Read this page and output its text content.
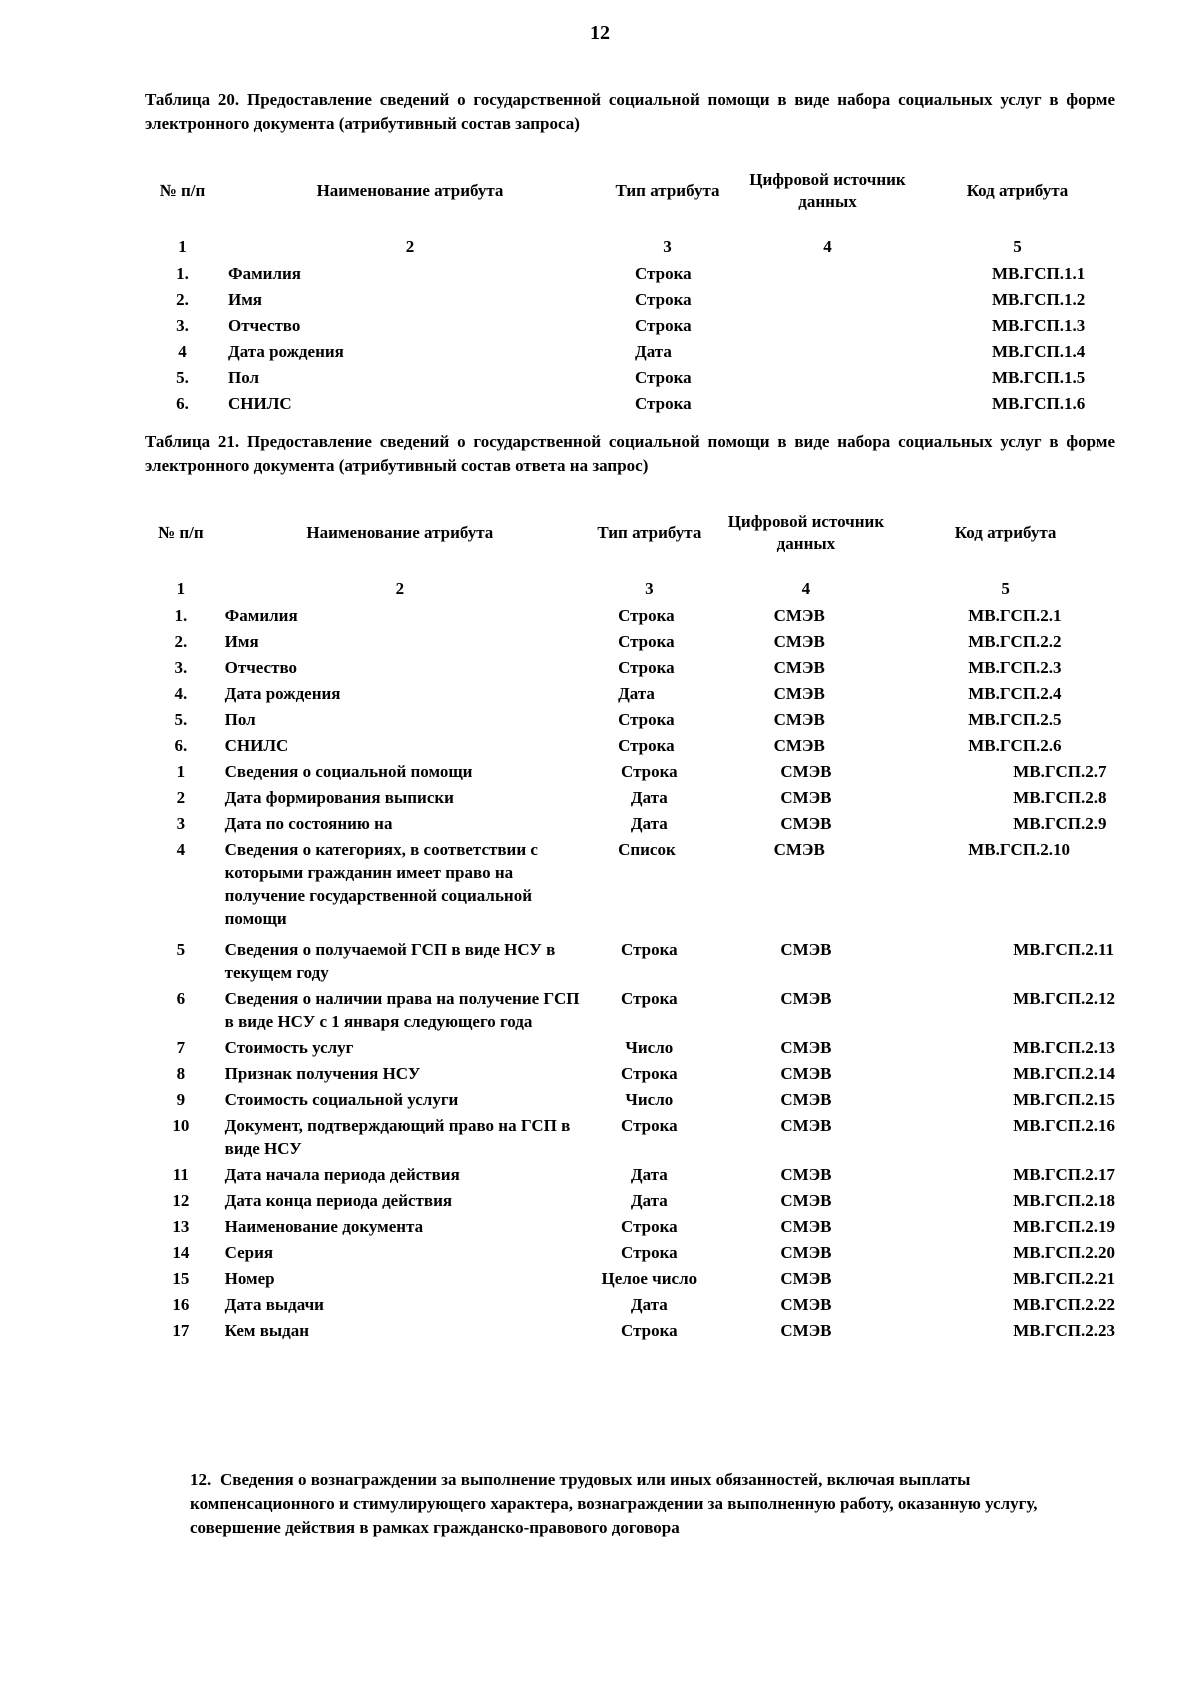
12
Таблица 20. Предоставление сведений о государственной социальной помощи в виде набора социальных услуг в форме электронного документа (атрибутивный состав запроса)
№ п/п	Наименование атрибута	Тип атрибута	Цифровой источник данных	Код атрибута
1	2	3	4	5
1.	Фамилия	Строка		МВ.ГСП.1.1
2.	Имя	Строка		МВ.ГСП.1.2
3.	Отчество	Строка		МВ.ГСП.1.3
4	Дата рождения	Дата		МВ.ГСП.1.4
5.	Пол	Строка		МВ.ГСП.1.5
6.	СНИЛС	Строка		МВ.ГСП.1.6
Таблица 21. Предоставление сведений о государственной социальной помощи в виде набора социальных услуг в форме электронного документа (атрибутивный состав ответа на запрос)
№ п/п	Наименование атрибута	Тип атрибута	Цифровой источник данных	Код атрибута
1	2	3	4	5
1.	Фамилия	Строка	СМЭВ	МВ.ГСП.2.1
2.	Имя	Строка	СМЭВ	МВ.ГСП.2.2
3.	Отчество	Строка	СМЭВ	МВ.ГСП.2.3
4.	Дата рождения	Дата	СМЭВ	МВ.ГСП.2.4
5.	Пол	Строка	СМЭВ	МВ.ГСП.2.5
6.	СНИЛС	Строка	СМЭВ	МВ.ГСП.2.6
1	Сведения о социальной помощи	Строка	СМЭВ	МВ.ГСП.2.7
2	Дата формирования выписки	Дата	СМЭВ	МВ.ГСП.2.8
3	Дата по состоянию на	Дата	СМЭВ	МВ.ГСП.2.9
4	Сведения о категориях, в соответствии с которыми гражданин имеет право на получение государственной социальной помощи	Список	СМЭВ	МВ.ГСП.2.10
5	Сведения о получаемой ГСП в виде НСУ в текущем году	Строка	СМЭВ	МВ.ГСП.2.11
6	Сведения о наличии права на получение ГСП в виде НСУ с 1 января следующего года	Строка	СМЭВ	МВ.ГСП.2.12
7	Стоимость услуг	Число	СМЭВ	МВ.ГСП.2.13
8	Признак получения НСУ	Строка	СМЭВ	МВ.ГСП.2.14
9	Стоимость социальной услуги	Число	СМЭВ	МВ.ГСП.2.15
10	Документ, подтверждающий право на ГСП в виде НСУ	Строка	СМЭВ	МВ.ГСП.2.16
11	Дата начала периода действия	Дата	СМЭВ	МВ.ГСП.2.17
12	Дата конца периода действия	Дата	СМЭВ	МВ.ГСП.2.18
13	Наименование документа	Строка	СМЭВ	МВ.ГСП.2.19
14	Серия	Строка	СМЭВ	МВ.ГСП.2.20
15	Номер	Целое число	СМЭВ	МВ.ГСП.2.21
16	Дата выдачи	Дата	СМЭВ	МВ.ГСП.2.22
17	Кем выдан	Строка	СМЭВ	МВ.ГСП.2.23
12. Сведения о вознаграждении за выполнение трудовых или иных обязанностей, включая выплаты компенсационного и стимулирующего характера, вознаграждении за выполненную работу, оказанную услугу, совершение действия в рамках гражданско-правового договора
